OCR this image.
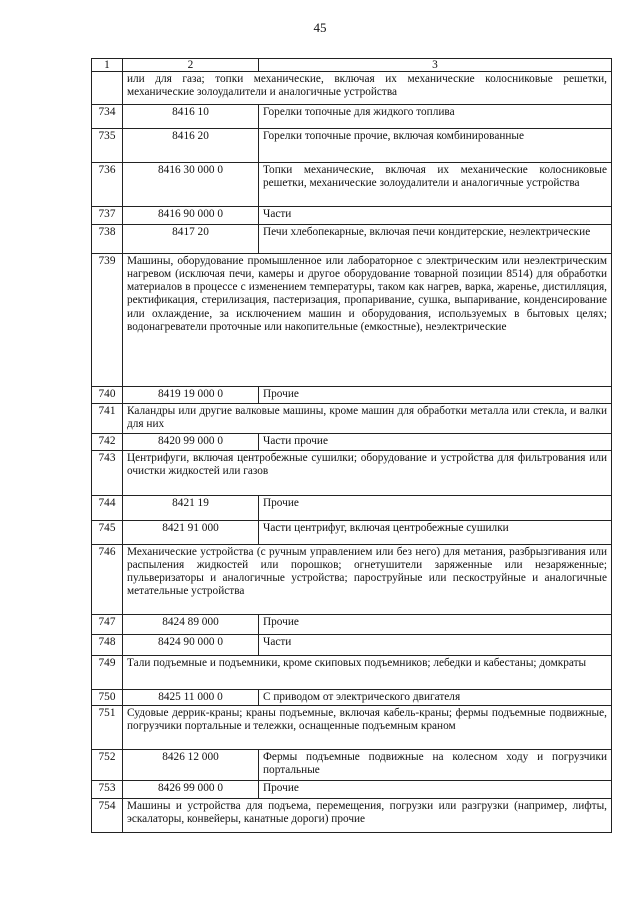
45
1	2	3
	или для газа; топки механические, включая их механические колосниковые решетки, механические золоудалители и аналогичные устройства	
734	8416 10	Горелки топочные для жидкого топлива
735	8416 20	Горелки топочные прочие, включая комбинированные
736	8416 30 000 0	Топки механические, включая их механические колосниковые решетки, механические золоудалители и аналогичные устройства
737	8416 90 000 0	Части
738	8417 20	Печи хлебопекарные, включая печи кондитерские, неэлектрические
739	Машины, оборудование промышленное или лабораторное с электрическим или неэлектрическим нагревом (исключая печи, камеры и другое оборудование товарной позиции 8514) для обработки материалов в процессе с изменением температуры, таком как нагрев, варка, жаренье, дистилляция, ректификация, стерилизация, пастеризация, пропаривание, сушка, выпаривание, конденсирование или охлаждение, за исключением машин и оборудования, используемых в бытовых целях; водонагреватели проточные или накопительные (емкостные), неэлектрические	
740	8419 19 000 0	Прочие
741	Каландры или другие валковые машины, кроме машин для обработки металла или стекла, и валки для них	
742	8420 99 000 0	Части прочие
743	Центрифуги, включая центробежные сушилки; оборудование и устройства для фильтрования или очистки жидкостей или газов	
744	8421 19	Прочие
745	8421 91 000	Части центрифуг, включая центробежные сушилки
746	Механические устройства (с ручным управлением или без него) для метания, разбрызгивания или распыления жидкостей или порошков; огнетушители заряженные или незаряженные; пульверизаторы и аналогичные устройства; пароструйные или пескоструйные и аналогичные метательные устройства	
747	8424 89 000	Прочие
748	8424 90 000 0	Части
749	Тали подъемные и подъемники, кроме скиповых подъемников; лебедки и кабестаны; домкраты	
750	8425 11 000 0	С приводом от электрического двигателя
751	Судовые деррик-краны; краны подъемные, включая кабель-краны; фермы подъемные подвижные, погрузчики портальные и тележки, оснащенные подъемным краном	
752	8426 12 000	Фермы подъемные подвижные на колесном ходу и погрузчики портальные
753	8426 99 000 0	Прочие
754	Машины и устройства для подъема, перемещения, погрузки или разгрузки (например, лифты, эскалаторы, конвейеры, канатные дороги) прочие	
